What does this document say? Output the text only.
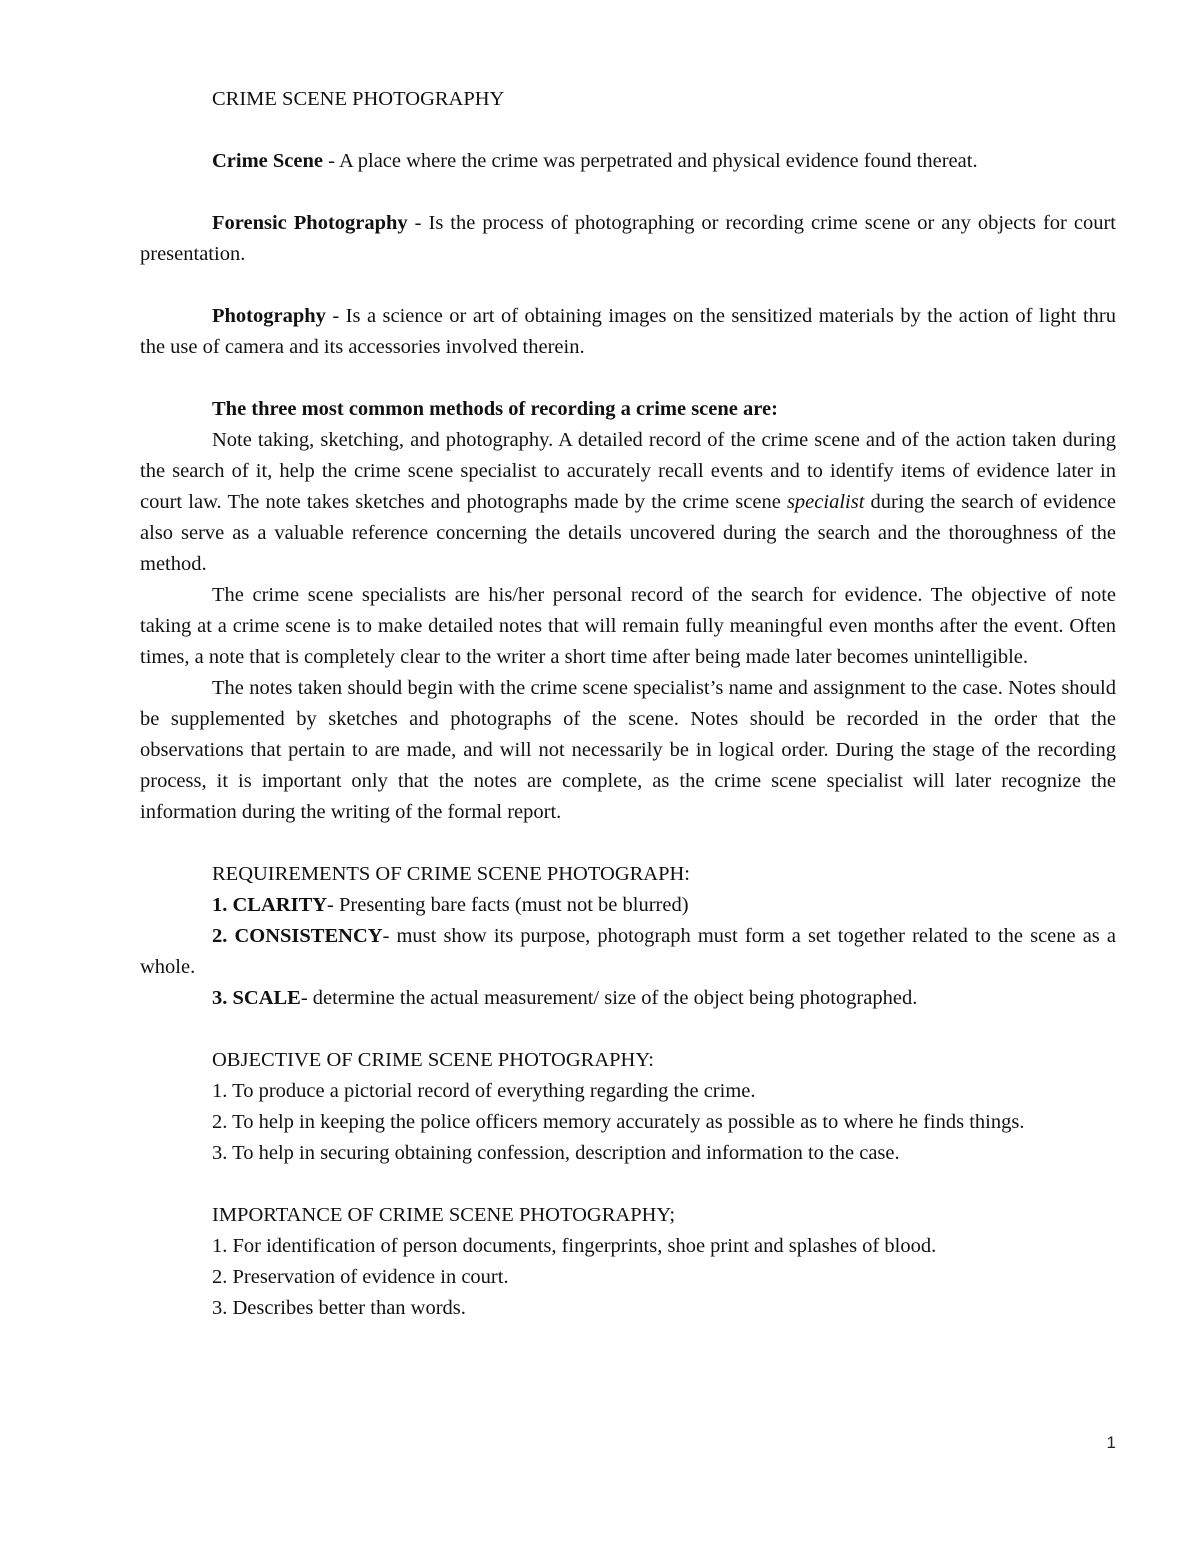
CRIME SCENE PHOTOGRAPHY

Crime Scene - A place where the crime was perpetrated and physical evidence found thereat.

Forensic Photography - Is the process of photographing or recording crime scene or any objects for court presentation.

Photography - Is a science or art of obtaining images on the sensitized materials by the action of light thru the use of camera and its accessories involved therein.

The three most common methods of recording a crime scene are:

Note taking, sketching, and photography. A detailed record of the crime scene and of the action taken during the search of it, help the crime scene specialist to accurately recall events and to identify items of evidence later in court law. The note takes sketches and photographs made by the crime scene specialist during the search of evidence also serve as a valuable reference concerning the details uncovered during the search and the thoroughness of the method.

The crime scene specialists are his/her personal record of the search for evidence. The objective of note taking at a crime scene is to make detailed notes that will remain fully meaningful even months after the event. Often times, a note that is completely clear to the writer a short time after being made later becomes unintelligible.

The notes taken should begin with the crime scene specialist’s name and assignment to the case. Notes should be supplemented by sketches and photographs of the scene. Notes should be recorded in the order that the observations that pertain to are made, and will not necessarily be in logical order. During the stage of the recording process, it is important only that the notes are complete, as the crime scene specialist will later recognize the information during the writing of the formal report.

REQUIREMENTS OF CRIME SCENE PHOTOGRAPH:

1. CLARITY- Presenting bare facts (must not be blurred)

2. CONSISTENCY- must show its purpose, photograph must form a set together related to the scene as a whole.

3. SCALE- determine the actual measurement/ size of the object being photographed.

OBJECTIVE OF CRIME SCENE PHOTOGRAPHY:

1. To produce a pictorial record of everything regarding the crime.

2. To help in keeping the police officers memory accurately as possible as to where he finds things.

3. To help in securing obtaining confession, description and information to the case.

IMPORTANCE OF CRIME SCENE PHOTOGRAPHY;

1. For identification of person documents, fingerprints, shoe print and splashes of blood.

2. Preservation of evidence in court.

3. Describes better than words.

1
